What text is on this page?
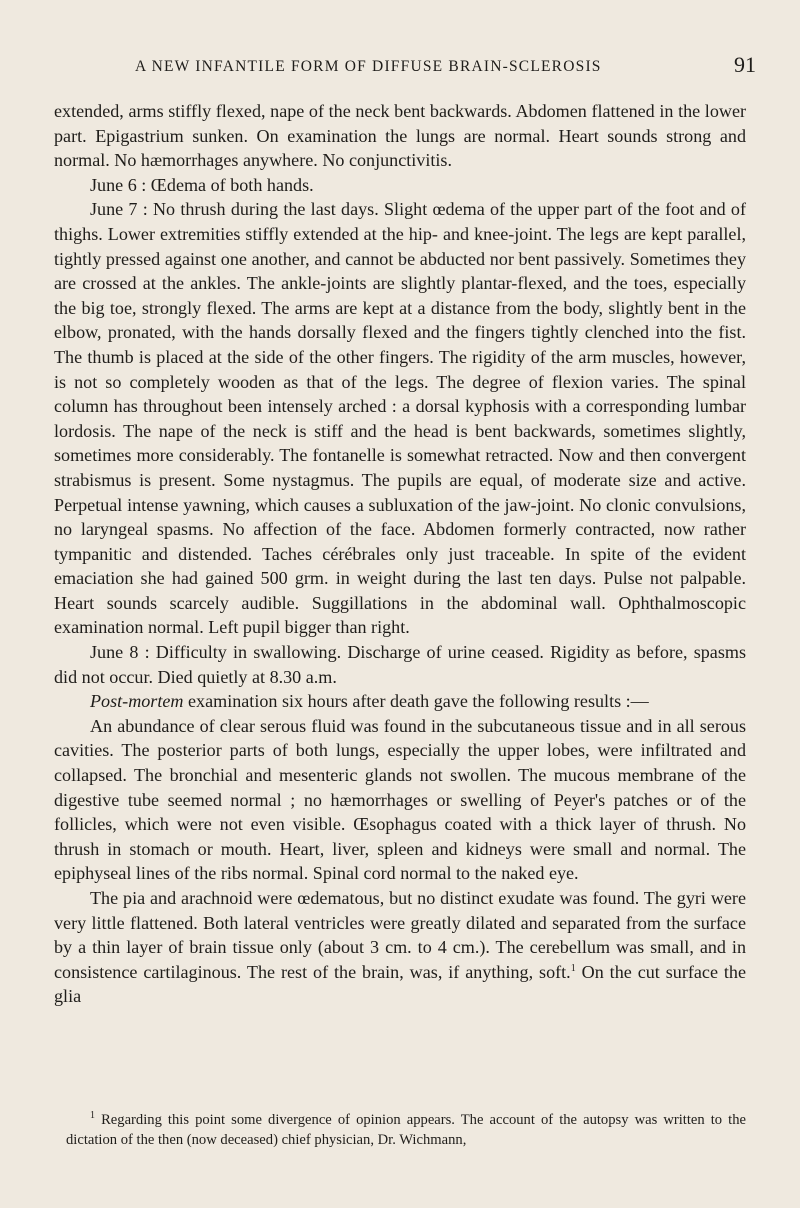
A NEW INFANTILE FORM OF DIFFUSE BRAIN-SCLEROSIS	91

extended, arms stiffly flexed, nape of the neck bent backwards. Abdomen flattened in the lower part. Epigastrium sunken. On examination the lungs are normal. Heart sounds strong and normal. No hæmorrhages anywhere. No conjunctivitis.

June 6 : Œdema of both hands.

June 7 : No thrush during the last days. Slight œdema of the upper part of the foot and of thighs. Lower extremities stiffly extended at the hip- and knee-joint. The legs are kept parallel, tightly pressed against one another, and cannot be abducted nor bent passively. Sometimes they are crossed at the ankles. The ankle-joints are slightly plantar-flexed, and the toes, especially the big toe, strongly flexed. The arms are kept at a distance from the body, slightly bent in the elbow, pronated, with the hands dorsally flexed and the fingers tightly clenched into the fist. The thumb is placed at the side of the other fingers. The rigidity of the arm muscles, however, is not so completely wooden as that of the legs. The degree of flexion varies. The spinal column has throughout been intensely arched : a dorsal kyphosis with a corresponding lumbar lordosis. The nape of the neck is stiff and the head is bent backwards, sometimes slightly, sometimes more considerably. The fontanelle is somewhat retracted. Now and then convergent strabismus is present. Some nystagmus. The pupils are equal, of moderate size and active. Perpetual intense yawning, which causes a subluxation of the jaw-joint. No clonic convulsions, no laryngeal spasms. No affection of the face. Abdomen formerly contracted, now rather tympanitic and distended. Taches cérébrales only just traceable. In spite of the evident emaciation she had gained 500 grm. in weight during the last ten days. Pulse not palpable. Heart sounds scarcely audible. Suggillations in the abdominal wall. Ophthalmoscopic examination normal. Left pupil bigger than right.

June 8 : Difficulty in swallowing. Discharge of urine ceased. Rigidity as before, spasms did not occur. Died quietly at 8.30 a.m.

Post-mortem examination six hours after death gave the following results :—

An abundance of clear serous fluid was found in the subcutaneous tissue and in all serous cavities. The posterior parts of both lungs, especially the upper lobes, were infiltrated and collapsed. The bronchial and mesenteric glands not swollen. The mucous membrane of the digestive tube seemed normal ; no hæmorrhages or swelling of Peyer's patches or of the follicles, which were not even visible. Œsophagus coated with a thick layer of thrush. No thrush in stomach or mouth. Heart, liver, spleen and kidneys were small and normal. The epiphyseal lines of the ribs normal. Spinal cord normal to the naked eye.

The pia and arachnoid were œdematous, but no distinct exudate was found. The gyri were very little flattened. Both lateral ventricles were greatly dilated and separated from the surface by a thin layer of brain tissue only (about 3 cm. to 4 cm.). The cerebellum was small, and in consistence cartilaginous. The rest of the brain, was, if anything, soft.$^1$ On the cut surface the glia

$^1$ Regarding this point some divergence of opinion appears. The account of the autopsy was written to the dictation of the then (now deceased) chief physician, Dr. Wichmann,
